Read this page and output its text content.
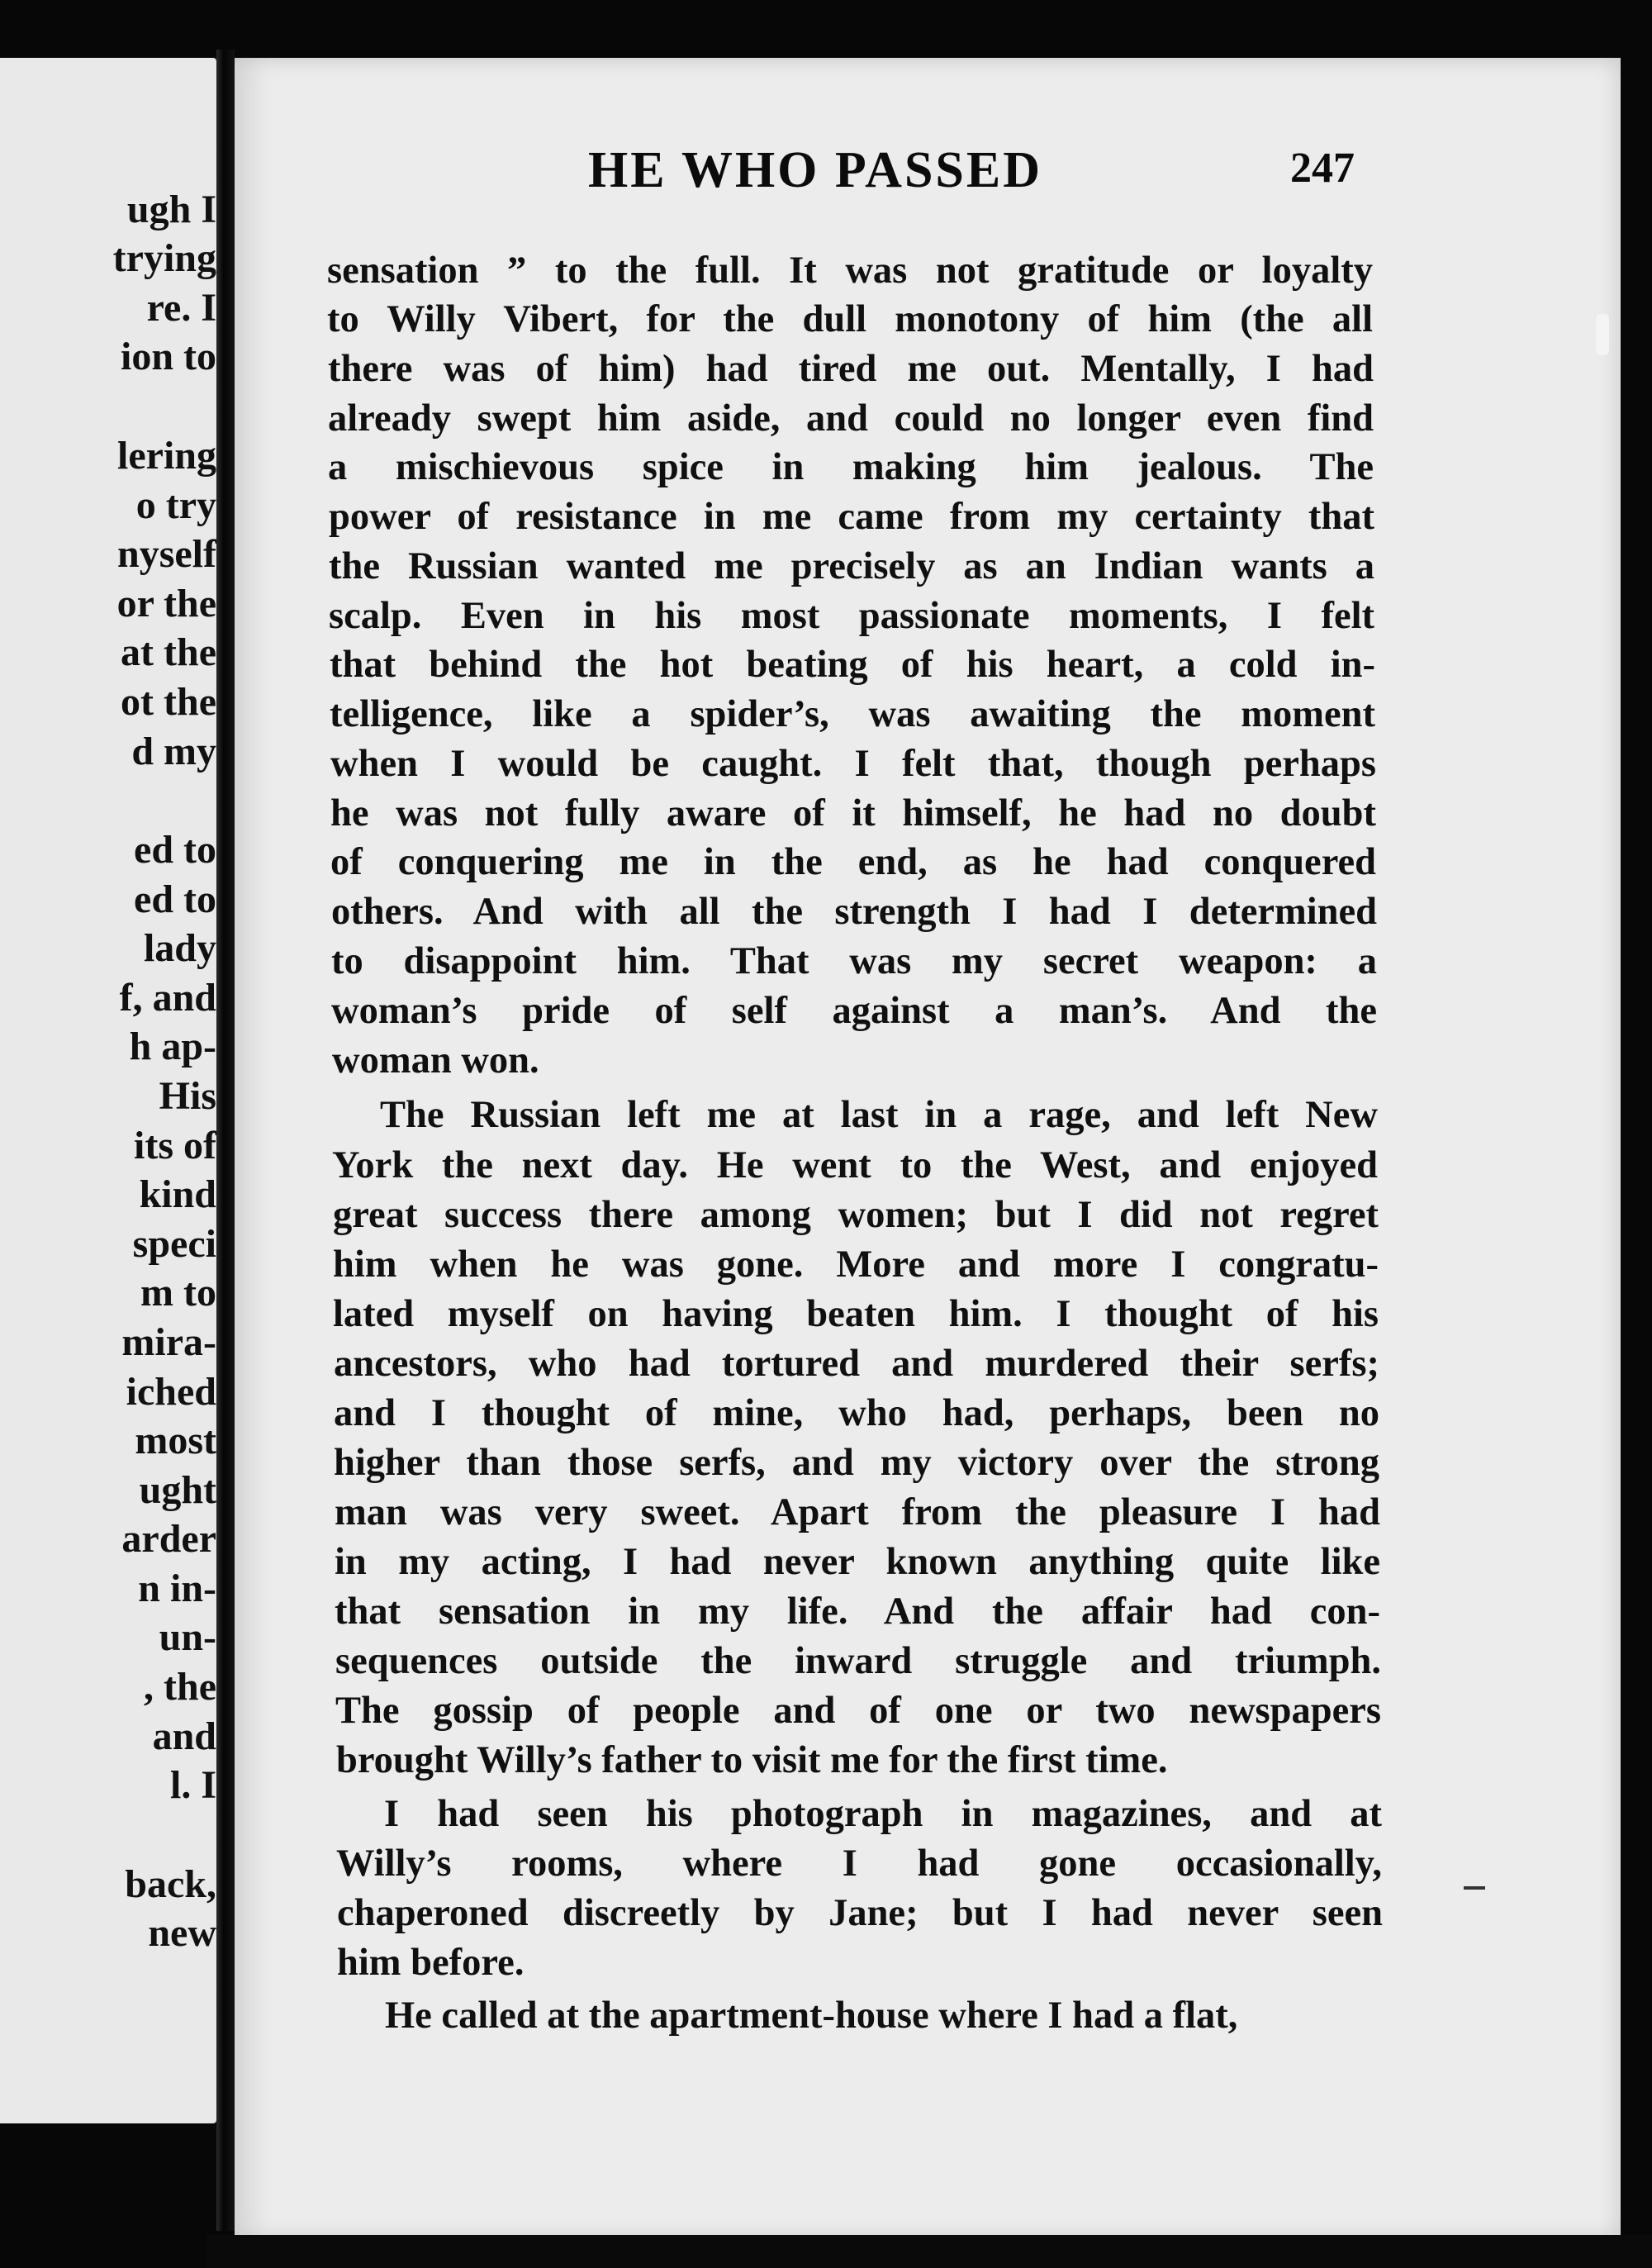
ugh I
trying
re. I
ion to
lering
o try
nyself
or the
at the
ot the
d my
ed to
ed to
lady
f, and
h ap-
His
its of
kind
speci
m to
mira-
iched
most
ught
arder
n in-
un-
, the
and
l. I
back,
new
HE WHO PASSED	247
sensation ” to the full. It was not gratitude or loyalty
to Willy Vibert, for the dull monotony of him (the all
there was of him) had tired me out. Mentally, I had
already swept him aside, and could no longer even find
a mischievous spice in making him jealous. The
power of resistance in me came from my certainty that
the Russian wanted me precisely as an Indian wants a
scalp. Even in his most passionate moments, I felt
that behind the hot beating of his heart, a cold in-
telligence, like a spider’s, was awaiting the moment
when I would be caught. I felt that, though perhaps
he was not fully aware of it himself, he had no doubt
of conquering me in the end, as he had conquered
others. And with all the strength I had I determined
to disappoint him. That was my secret weapon: a
woman’s pride of self against a man’s. And the
woman won.
The Russian left me at last in a rage, and left New
York the next day. He went to the West, and enjoyed
great success there among women; but I did not regret
him when he was gone. More and more I congratu-
lated myself on having beaten him. I thought of his
ancestors, who had tortured and murdered their serfs;
and I thought of mine, who had, perhaps, been no
higher than those serfs, and my victory over the strong
man was very sweet. Apart from the pleasure I had
in my acting, I had never known anything quite like
that sensation in my life. And the affair had con-
sequences outside the inward struggle and triumph.
The gossip of people and of one or two newspapers
brought Willy’s father to visit me for the first time.
I had seen his photograph in magazines, and at
Willy’s rooms, where I had gone occasionally,
chaperoned discreetly by Jane; but I had never seen
him before.
He called at the apartment-house where I had a flat,
